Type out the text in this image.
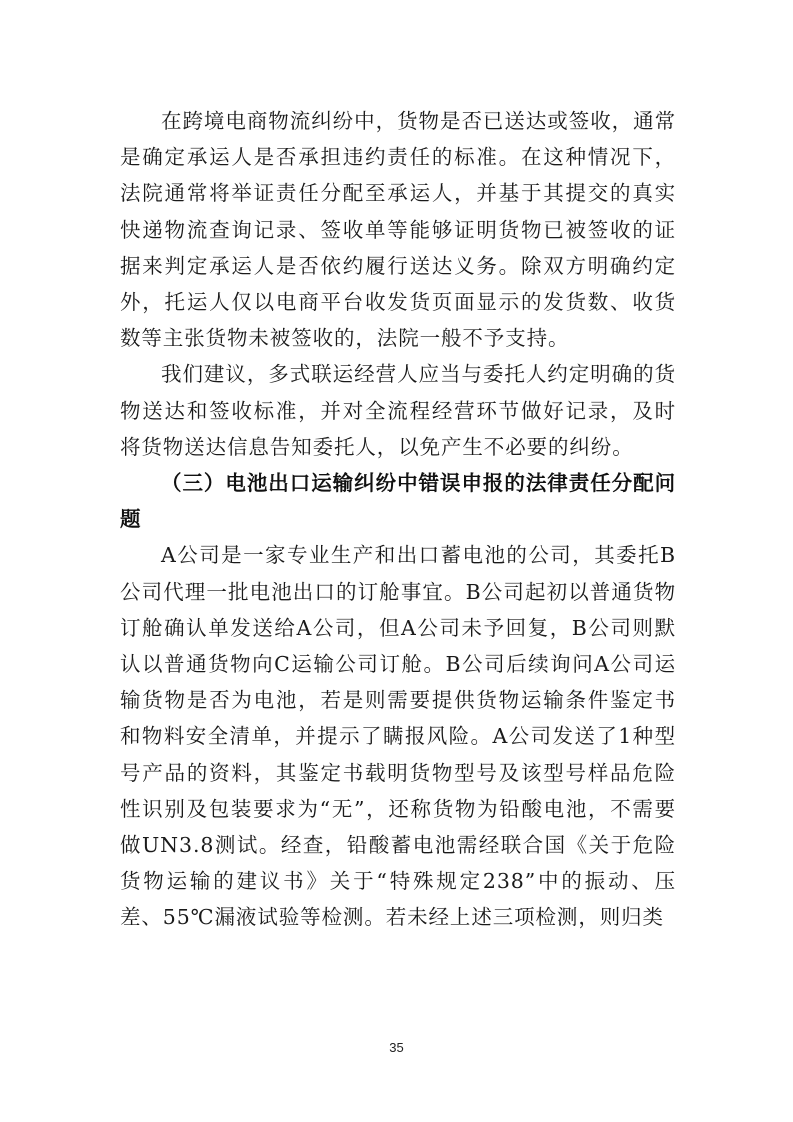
在跨境电商物流纠纷中，货物是否已送达或签收，通常是确定承运人是否承担违约责任的标准。在这种情况下，法院通常将举证责任分配至承运人，并基于其提交的真实快递物流查询记录、签收单等能够证明货物已被签收的证据来判定承运人是否依约履行送达义务。除双方明确约定外，托运人仅以电商平台收发货页面显示的发货数、收货数等主张货物未被签收的，法院一般不予支持。

我们建议，多式联运经营人应当与委托人约定明确的货物送达和签收标准，并对全流程经营环节做好记录，及时将货物送达信息告知委托人，以免产生不必要的纠纷。

（三）电池出口运输纠纷中错误申报的法律责任分配问题

A公司是一家专业生产和出口蓄电池的公司，其委托B公司代理一批电池出口的订舱事宜。B公司起初以普通货物订舱确认单发送给A公司，但A公司未予回复，B公司则默认以普通货物向C运输公司订舱。B公司后续询问A公司运输货物是否为电池，若是则需要提供货物运输条件鉴定书和物料安全清单，并提示了瞒报风险。A公司发送了1种型号产品的资料，其鉴定书载明货物型号及该型号样品危险性识别及包装要求为“无”，还称货物为铅酸电池，不需要做UN3.8测试。经查，铅酸蓄电池需经联合国《关于危险货物运输的建议书》关于“特殊规定238”中的振动、压差、55℃漏液试验等检测。若未经上述三项检测，则归类

35
